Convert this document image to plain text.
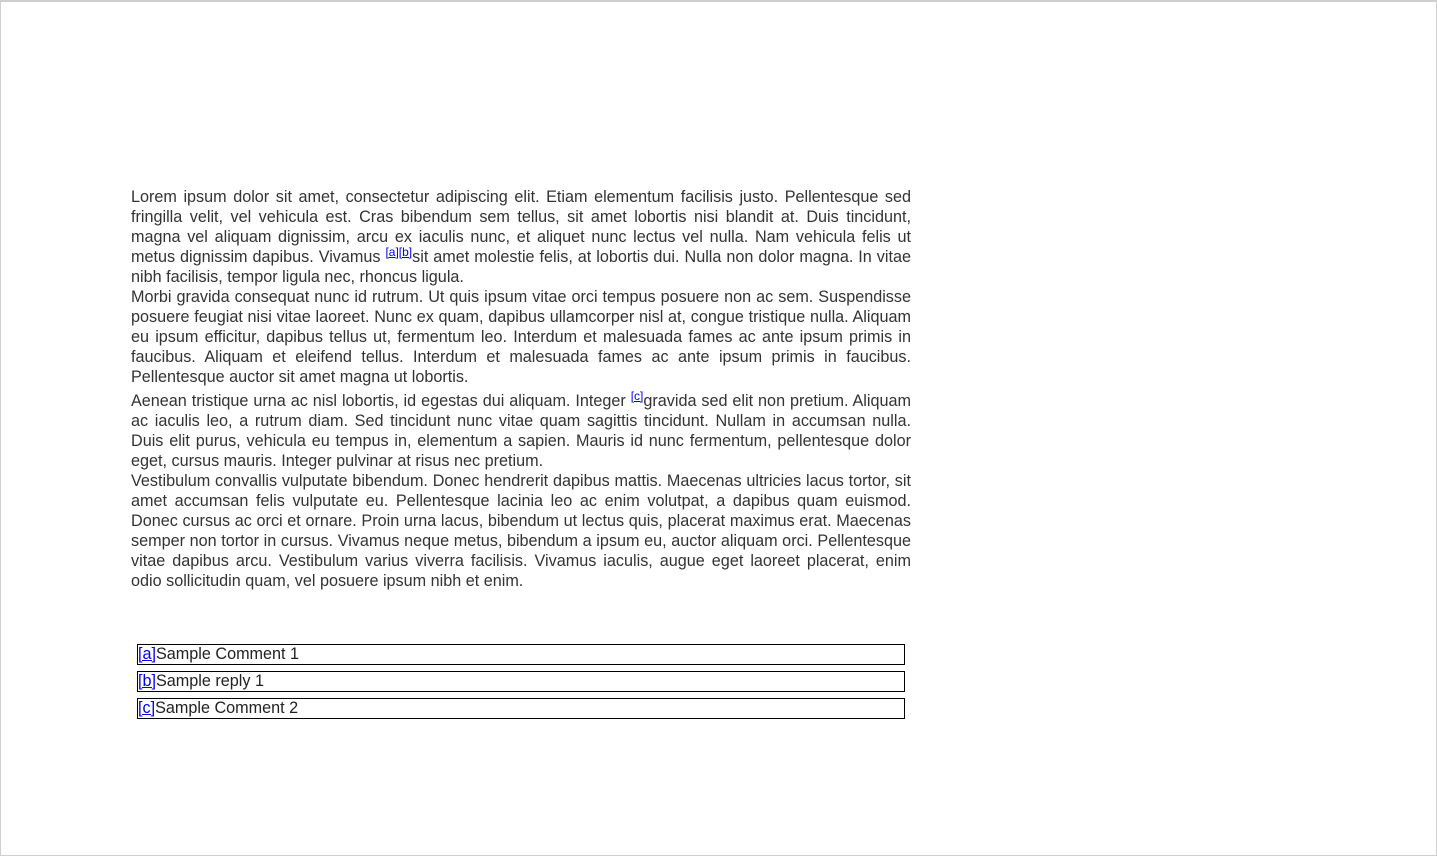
Lorem ipsum dolor sit amet, consectetur adipiscing elit. Etiam elementum facilisis justo. Pellentesque sed fringilla velit, vel vehicula est. Cras bibendum sem tellus, sit amet lobortis nisi blandit at. Duis tincidunt, magna vel aliquam dignissim, arcu ex iaculis nunc, et aliquet nunc lectus vel nulla. Nam vehicula felis ut metus dignissim dapibus. Vivamus [a][b]sit amet molestie felis, at lobortis dui. Nulla non dolor magna. In vitae nibh facilisis, tempor ligula nec, rhoncus ligula.

Morbi gravida consequat nunc id rutrum. Ut quis ipsum vitae orci tempus posuere non ac sem. Suspendisse posuere feugiat nisi vitae laoreet. Nunc ex quam, dapibus ullamcorper nisl at, congue tristique nulla. Aliquam eu ipsum efficitur, dapibus tellus ut, fermentum leo. Interdum et malesuada fames ac ante ipsum primis in faucibus. Aliquam et eleifend tellus. Interdum et malesuada fames ac ante ipsum primis in faucibus. Pellentesque auctor sit amet magna ut lobortis.

Aenean tristique urna ac nisl lobortis, id egestas dui aliquam. Integer [c]gravida sed elit non pretium. Aliquam ac iaculis leo, a rutrum diam. Sed tincidunt nunc vitae quam sagittis tincidunt. Nullam in accumsan nulla. Duis elit purus, vehicula eu tempus in, elementum a sapien. Mauris id nunc fermentum, pellentesque dolor eget, cursus mauris. Integer pulvinar at risus nec pretium.

Vestibulum convallis vulputate bibendum. Donec hendrerit dapibus mattis. Maecenas ultricies lacus tortor, sit amet accumsan felis vulputate eu. Pellentesque lacinia leo ac enim volutpat, a dapibus quam euismod. Donec cursus ac orci et ornare. Proin urna lacus, bibendum ut lectus quis, placerat maximus erat. Maecenas semper non tortor in cursus. Vivamus neque metus, bibendum a ipsum eu, auctor aliquam orci. Pellentesque vitae dapibus arcu. Vestibulum varius viverra facilisis. Vivamus iaculis, augue eget laoreet placerat, enim odio sollicitudin quam, vel posuere ipsum nibh et enim.

[a]Sample Comment 1
[b]Sample reply 1
[c]Sample Comment 2
